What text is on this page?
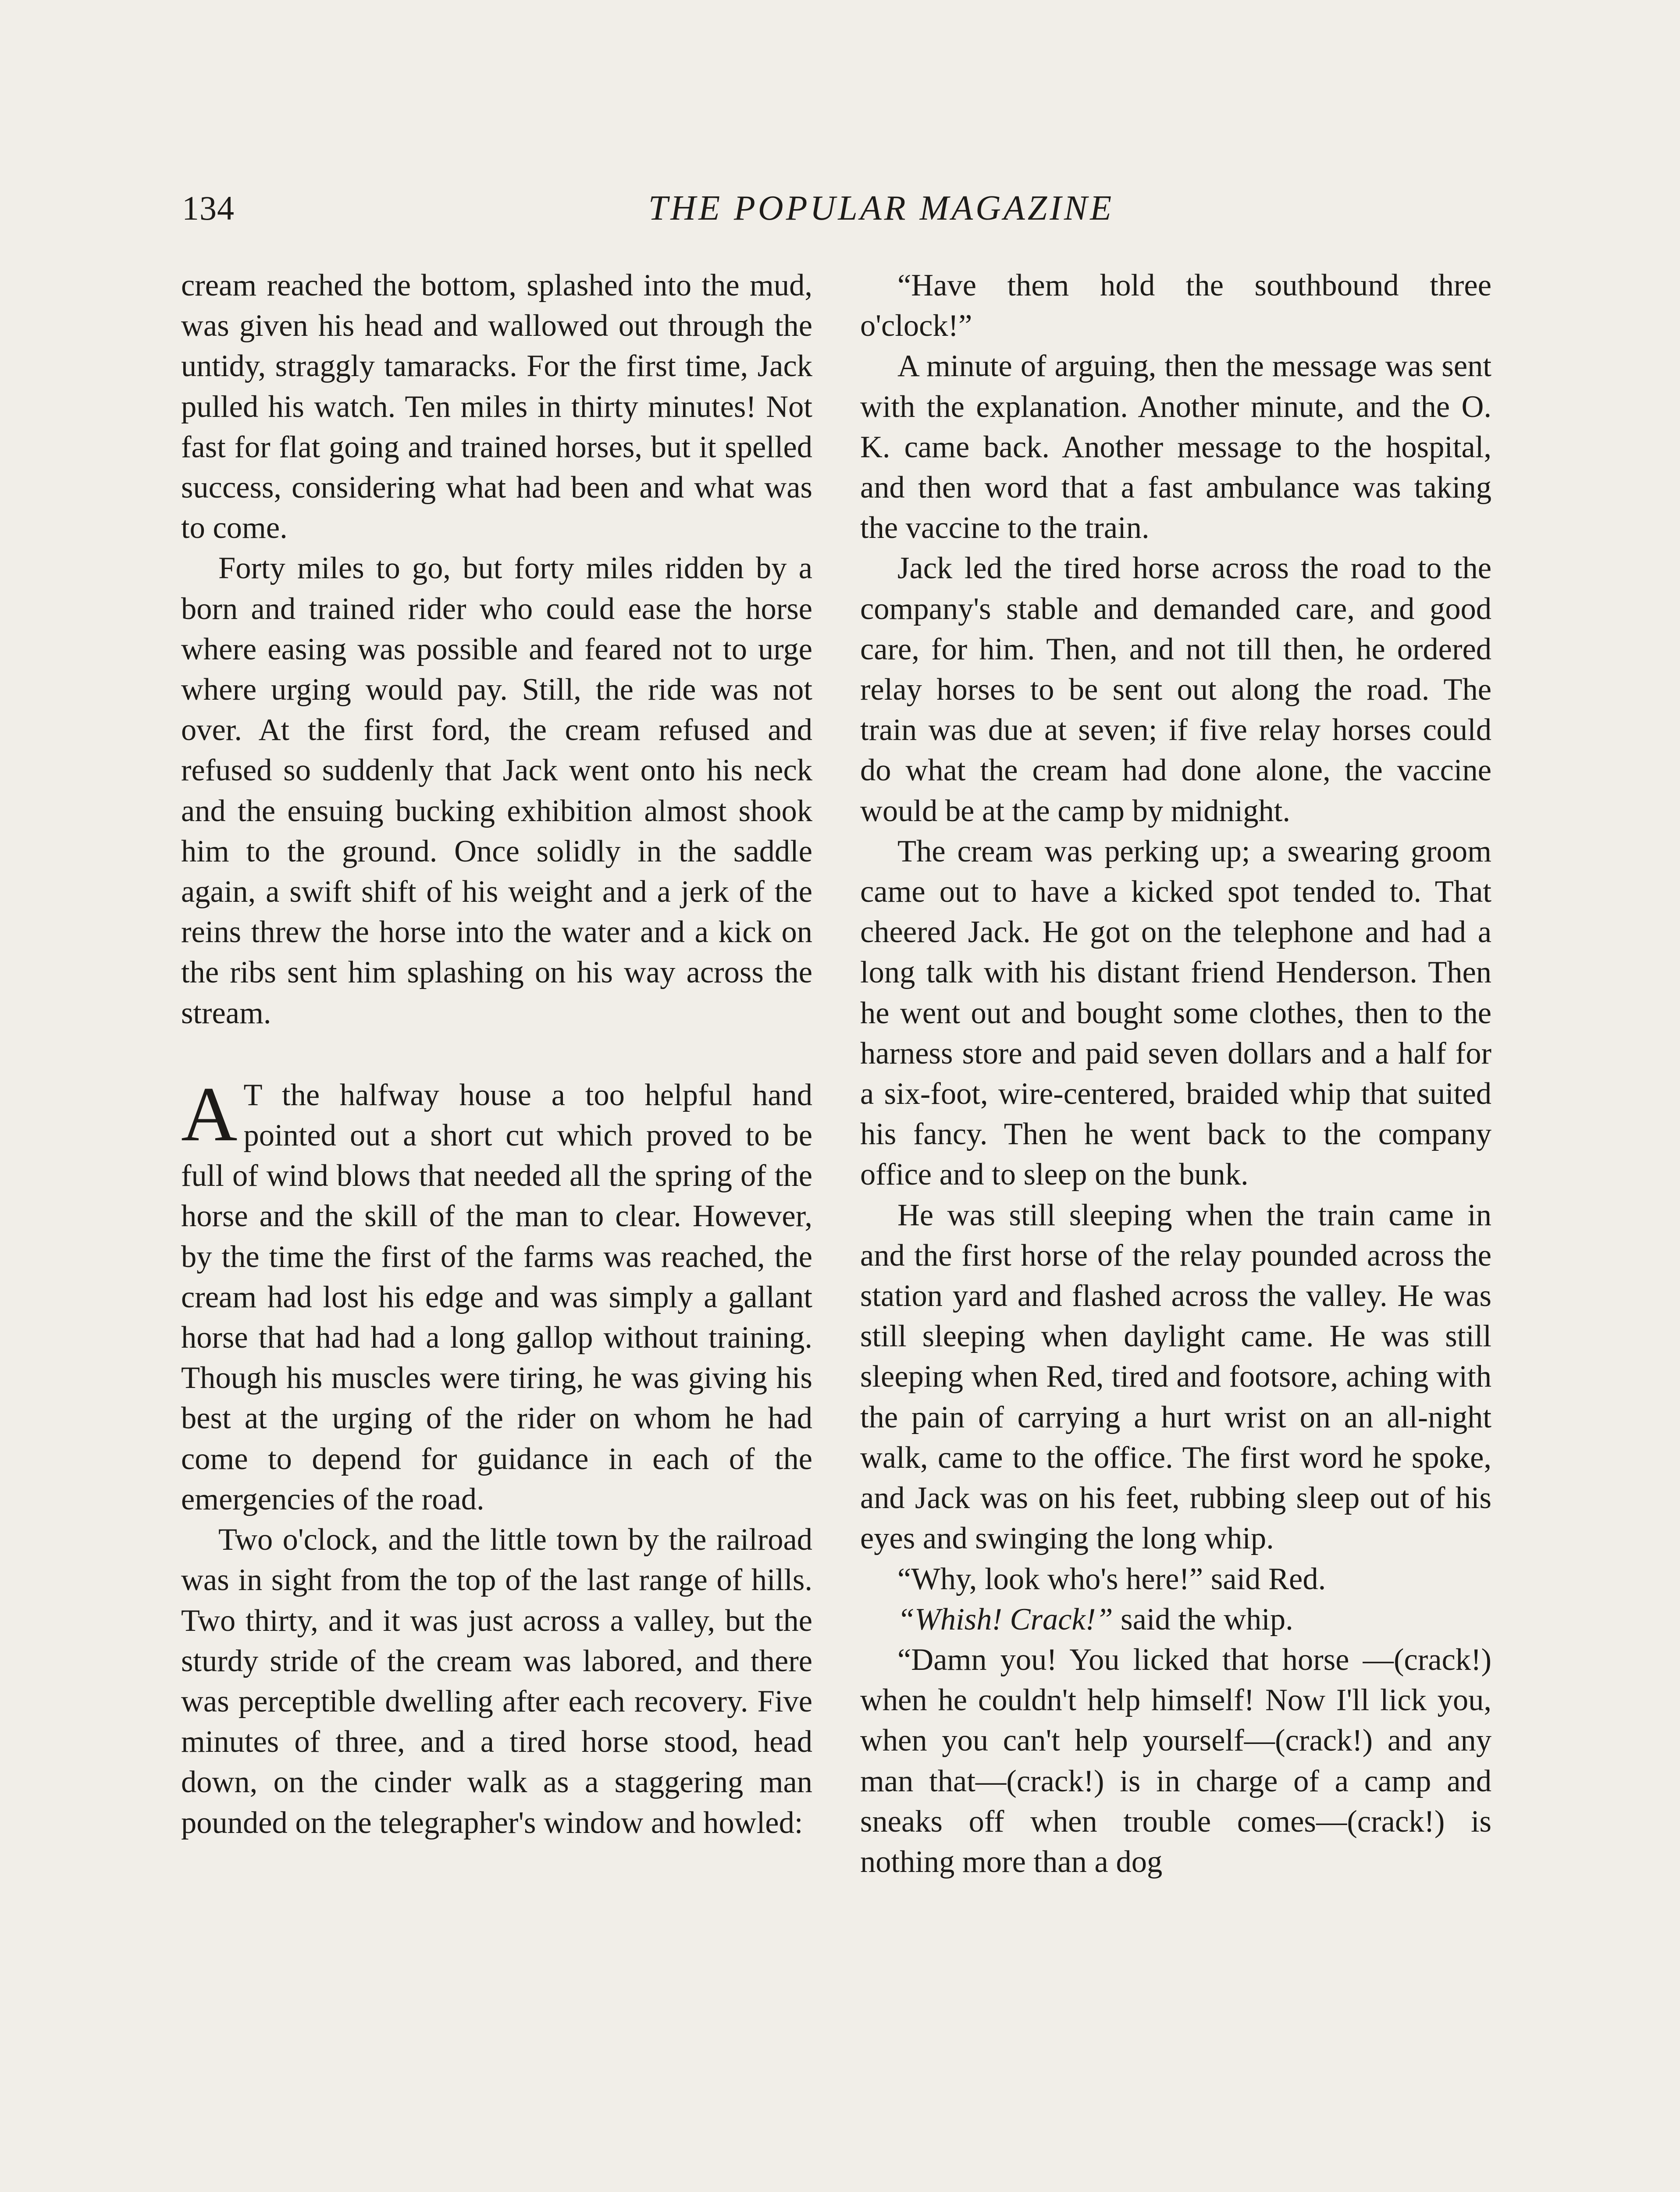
134	THE POPULAR MAGAZINE

cream reached the bottom, splashed into the mud, was given his head and wallowed out through the untidy, straggly tamaracks. For the first time, Jack pulled his watch. Ten miles in thirty minutes! Not fast for flat going and trained horses, but it spelled success, considering what had been and what was to come.

Forty miles to go, but forty miles ridden by a born and trained rider who could ease the horse where easing was possible and feared not to urge where urging would pay. Still, the ride was not over. At the first ford, the cream refused and refused so suddenly that Jack went onto his neck and the ensuing bucking exhibition almost shook him to the ground. Once solidly in the saddle again, a swift shift of his weight and a jerk of the reins threw the horse into the water and a kick on the ribs sent him splashing on his way across the stream.

A T the halfway house a too helpful hand pointed out a short cut which proved to be full of wind blows that needed all the spring of the horse and the skill of the man to clear. However, by the time the first of the farms was reached, the cream had lost his edge and was simply a gallant horse that had had a long gallop without training. Though his muscles were tiring, he was giving his best at the urging of the rider on whom he had come to depend for guidance in each of the emergencies of the road.

Two o'clock, and the little town by the railroad was in sight from the top of the last range of hills. Two thirty, and it was just across a valley, but the sturdy stride of the cream was labored, and there was perceptible dwelling after each recovery. Five minutes of three, and a tired horse stood, head down, on the cinder walk as a staggering man pounded on the telegrapher's window and howled:

“Have them hold the southbound three o'clock!”

A minute of arguing, then the message was sent with the explanation. Another minute, and the O. K. came back. Another message to the hospital, and then word that a fast ambulance was taking the vaccine to the train.

Jack led the tired horse across the road to the company's stable and demanded care, and good care, for him. Then, and not till then, he ordered relay horses to be sent out along the road. The train was due at seven; if five relay horses could do what the cream had done alone, the vaccine would be at the camp by midnight.

The cream was perking up; a swearing groom came out to have a kicked spot tended to. That cheered Jack. He got on the telephone and had a long talk with his distant friend Henderson. Then he went out and bought some clothes, then to the harness store and paid seven dollars and a half for a six-foot, wire-centered, braided whip that suited his fancy. Then he went back to the company office and to sleep on the bunk.

He was still sleeping when the train came in and the first horse of the relay pounded across the station yard and flashed across the valley. He was still sleeping when daylight came. He was still sleeping when Red, tired and footsore, aching with the pain of carrying a hurt wrist on an all-night walk, came to the office. The first word he spoke, and Jack was on his feet, rubbing sleep out of his eyes and swinging the long whip.

“Why, look who's here!” said Red.

“Whish! Crack!” said the whip.

“Damn you! You licked that horse —(crack!) when he couldn't help himself! Now I'll lick you, when you can't help yourself—(crack!) and any man that—(crack!) is in charge of a camp and sneaks off when trouble comes—(crack!) is nothing more than a dog
